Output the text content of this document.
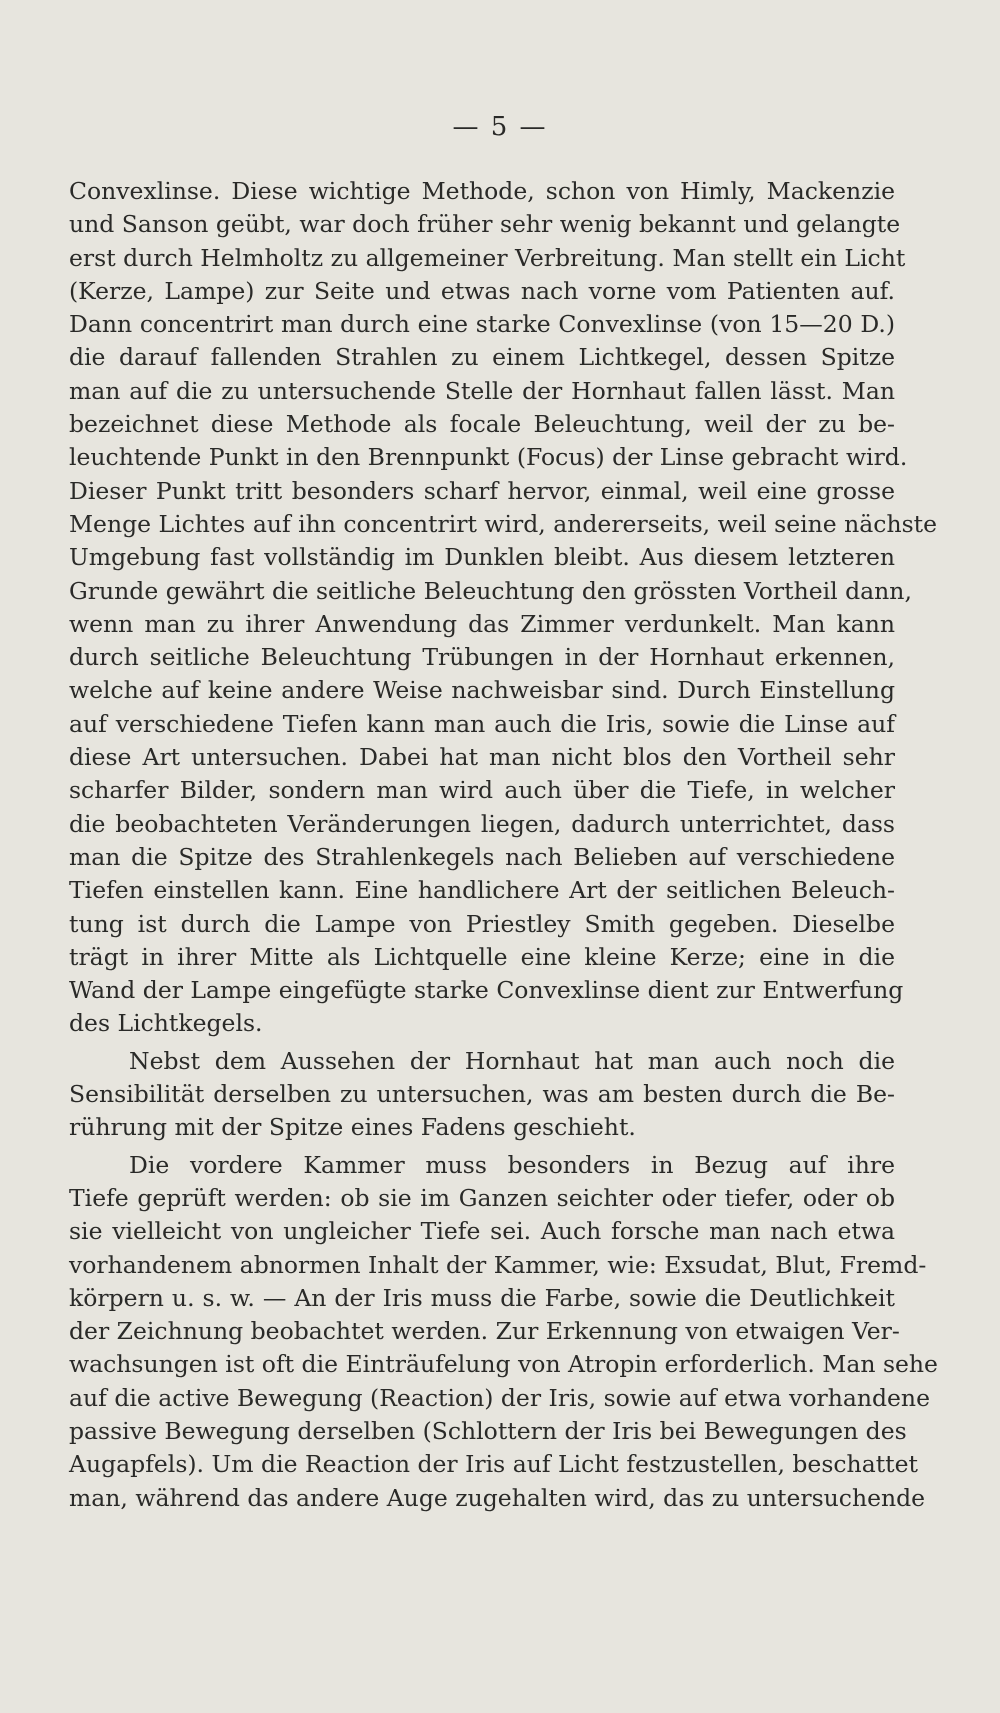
— 5 —
Convexlinse. Diese wichtige Methode, schon von Himly, Mackenzie
und Sanson geübt, war doch früher sehr wenig bekannt und gelangte
erst durch Helmholtz zu allgemeiner Verbreitung. Man stellt ein Licht
(Kerze, Lampe) zur Seite und etwas nach vorne vom Patienten auf.
Dann concentrirt man durch eine starke Convexlinse (von 15—20 D.)
die darauf fallenden Strahlen zu einem Lichtkegel, dessen Spitze
man auf die zu untersuchende Stelle der Hornhaut fallen lässt. Man
bezeichnet diese Methode als focale Beleuchtung, weil der zu be-
leuchtende Punkt in den Brennpunkt (Focus) der Linse gebracht wird.
Dieser Punkt tritt besonders scharf hervor, einmal, weil eine grosse
Menge Lichtes auf ihn concentrirt wird, andererseits, weil seine nächste
Umgebung fast vollständig im Dunklen bleibt. Aus diesem letzteren
Grunde gewährt die seitliche Beleuchtung den grössten Vortheil dann,
wenn man zu ihrer Anwendung das Zimmer verdunkelt. Man kann
durch seitliche Beleuchtung Trübungen in der Hornhaut erkennen,
welche auf keine andere Weise nachweisbar sind. Durch Einstellung
auf verschiedene Tiefen kann man auch die Iris, sowie die Linse auf
diese Art untersuchen. Dabei hat man nicht blos den Vortheil sehr
scharfer Bilder, sondern man wird auch über die Tiefe, in welcher
die beobachteten Veränderungen liegen, dadurch unterrichtet, dass
man die Spitze des Strahlenkegels nach Belieben auf verschiedene
Tiefen einstellen kann. Eine handlichere Art der seitlichen Beleuch-
tung ist durch die Lampe von Priestley Smith gegeben. Dieselbe
trägt in ihrer Mitte als Lichtquelle eine kleine Kerze; eine in die
Wand der Lampe eingefügte starke Convexlinse dient zur Entwerfung
des Lichtkegels.
Nebst dem Aussehen der Hornhaut hat man auch noch die
Sensibilität derselben zu untersuchen, was am besten durch die Be-
rührung mit der Spitze eines Fadens geschieht.
Die vordere Kammer muss besonders in Bezug auf ihre
Tiefe geprüft werden: ob sie im Ganzen seichter oder tiefer, oder ob
sie vielleicht von ungleicher Tiefe sei. Auch forsche man nach etwa
vorhandenem abnormen Inhalt der Kammer, wie: Exsudat, Blut, Fremd-
körpern u. s. w. — An der Iris muss die Farbe, sowie die Deutlichkeit
der Zeichnung beobachtet werden. Zur Erkennung von etwaigen Ver-
wachsungen ist oft die Einträufelung von Atropin erforderlich. Man sehe
auf die active Bewegung (Reaction) der Iris, sowie auf etwa vorhandene
passive Bewegung derselben (Schlottern der Iris bei Bewegungen des
Augapfels). Um die Reaction der Iris auf Licht festzustellen, beschattet
man, während das andere Auge zugehalten wird, das zu untersuchende
